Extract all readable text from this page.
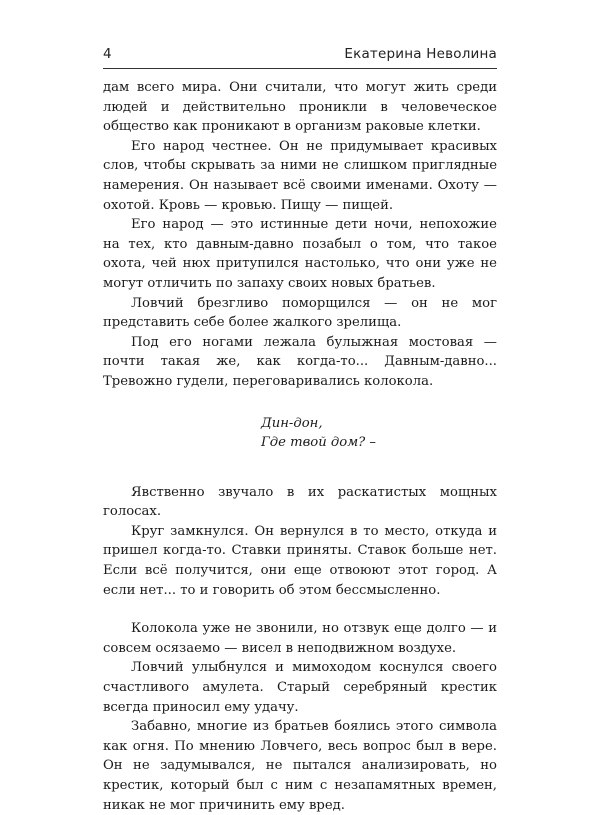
4	Екатерина Неволина

дам всего мира. Они считали, что могут жить среди людей и действительно проникли в человеческое общество как проникают в организм раковые клетки.

Его народ честнее. Он не придумывает красивых слов, чтобы скрывать за ними не слишком приглядные намерения. Он называет всё своими именами. Охоту — охотой. Кровь — кровью. Пищу — пищей.

Его народ — это истинные дети ночи, непохожие на тех, кто давным-давно позабыл о том, что такое охота, чей нюх притупился настолько, что они уже не могут отличить по запаху своих новых братьев.

Ловчий брезгливо поморщился — он не мог представить себе более жалкого зрелища.

Под его ногами лежала булыжная мостовая — почти такая же, как когда-то... Давным-давно... Тревожно гудели, переговаривались колокола.

Дин-дон,
Где твой дом? –

Явственно звучало в их раскатистых мощных голосах.

Круг замкнулся. Он вернулся в то место, откуда и пришел когда-то. Ставки приняты. Ставок больше нет. Если всё получится, они еще отвоюют этот город. А если нет... то и говорить об этом бессмысленно.

Колокола уже не звонили, но отзвук еще долго — и совсем осязаемо — висел в неподвижном воздухе.

Ловчий улыбнулся и мимоходом коснулся своего счастливого амулета. Старый серебряный крестик всегда приносил ему удачу.

Забавно, многие из братьев боялись этого символа как огня. По мнению Ловчего, весь вопрос был в вере. Он не задумывался, не пытался анализировать, но крестик, который был с ним с незапамятных времен, никак не мог причинить ему вред.
